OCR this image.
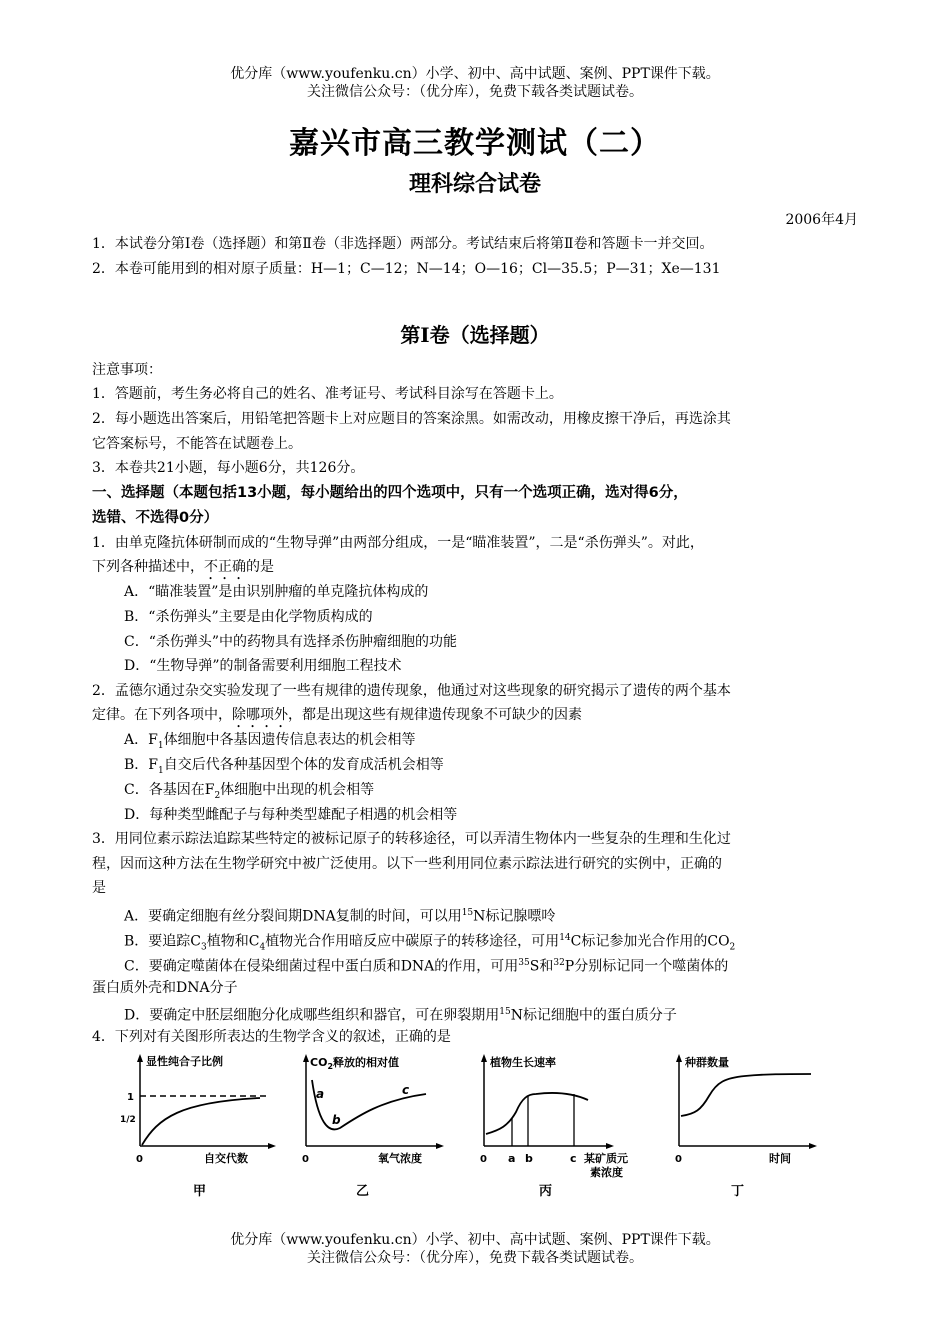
优分库（www.youfenku.cn）小学、初中、高中试题、案例、PPT课件下载。
关注微信公众号：（优分库），免费下载各类试题试卷。
嘉兴市高三教学测试（二）
理科综合试卷
2006年4月
1．本试卷分第Ⅰ卷（选择题）和第Ⅱ卷（非选择题）两部分。考试结束后将第Ⅱ卷和答题卡一并交回。
2．本卷可能用到的相对原子质量：H—1；C—12；N—14；O—16；Cl—35.5；P—31；Xe—131
第Ⅰ卷（选择题）
注意事项：
1．答题前，考生务必将自己的姓名、准考证号、考试科目涂写在答题卡上。
2．每小题选出答案后，用铅笔把答题卡上对应题目的答案涂黑。如需改动，用橡皮擦干净后，再选涂其
它答案标号，不能答在试题卷上。
3．本卷共21小题，每小题6分，共126分。
一、选择题（本题包括13小题，每小题给出的四个选项中，只有一个选项正确，选对得6分，
选错、不选得0分）
1．由单克隆抗体研制而成的“生物导弹”由两部分组成，一是“瞄准装置”，二是“杀伤弹头”。对此，
下列各种描述中，不正确的是
A．“瞄准装置”是由识别肿瘤的单克隆抗体构成的
B．“杀伤弹头”主要是由化学物质构成的
C．“杀伤弹头”中的药物具有选择杀伤肿瘤细胞的功能
D．“生物导弹”的制备需要利用细胞工程技术
2．孟德尔通过杂交实验发现了一些有规律的遗传现象，他通过对这些现象的研究揭示了遗传的两个基本
定律。在下列各项中，除哪项外，都是出现这些有规律遗传现象不可缺少的因素
A．$F_1$体细胞中各基因遗传信息表达的机会相等
B．$F_1$自交后代各种基因型个体的发育成活机会相等
C．各基因在$F_2$体细胞中出现的机会相等
D．每种类型雌配子与每种类型雄配子相遇的机会相等
3．用同位素示踪法追踪某些特定的被标记原子的转移途径，可以弄清生物体内一些复杂的生理和生化过
程，因而这种方法在生物学研究中被广泛使用。以下一些利用同位素示踪法进行研究的实例中，正确的
是
A．要确定细胞有丝分裂间期DNA复制的时间，可以用$^{15}$N标记腺嘌呤
B．要追踪$C_3$植物和$C_4$植物光合作用暗反应中碳原子的转移途径，可用$^{14}$C标记参加光合作用的$CO_2$
C．要确定噬菌体在侵染细菌过程中蛋白质和DNA的作用，可用$^{35}$S和$^{32}$P分别标记同一个噬菌体的
蛋白质外壳和DNA分子
D．要确定中胚层细胞分化成哪些组织和器官，可在卵裂期用$^{15}$N标记细胞中的蛋白质分子
4．下列对有关图形所表达的生物学含义的叙述，正确的是
显性纯合子比例
1
1/2
0	自交代数
甲
$CO_2$释放的相对值
a
b
c
0	氧气浓度
乙
植物生长速率
0 a b	c 某矿质元
素浓度
丙
种群数量
0	时间
丁
优分库（www.youfenku.cn）小学、初中、高中试题、案例、PPT课件下载。
关注微信公众号：（优分库），免费下载各类试题试卷。
